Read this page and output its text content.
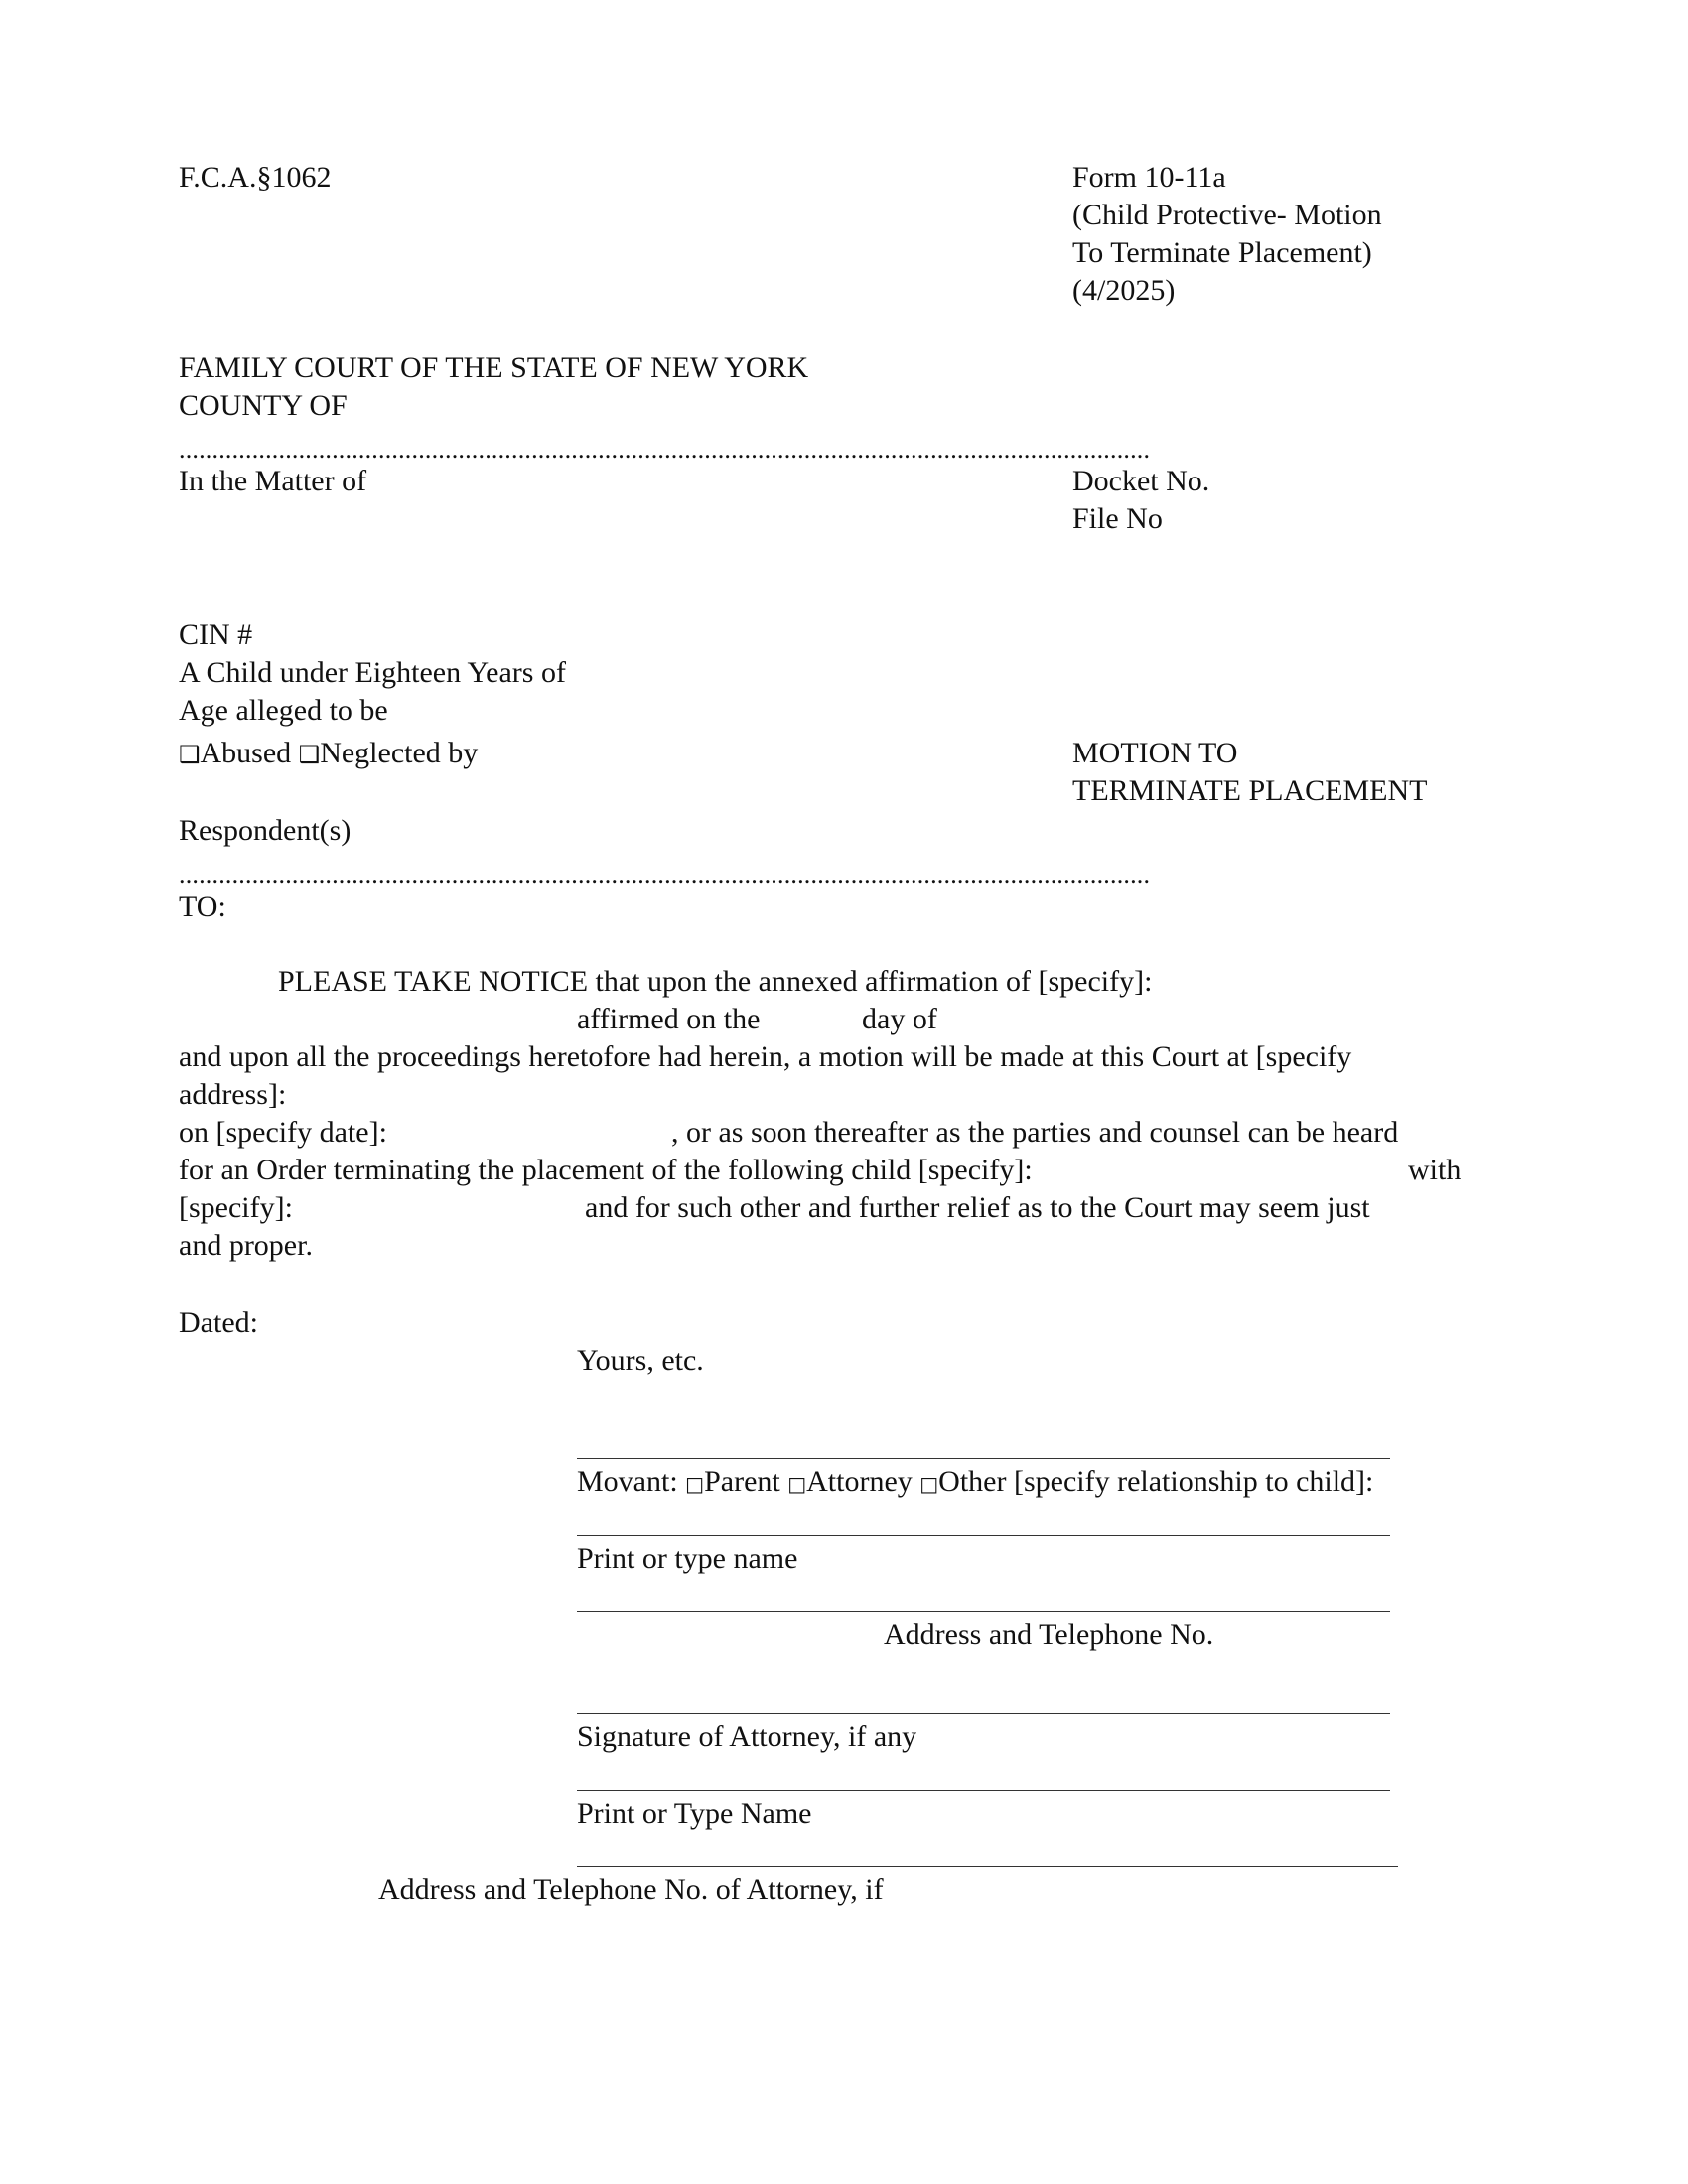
F.C.A.§1062	Form 10-11a
(Child Protective- Motion
To Terminate Placement)
(4/2025)
FAMILY COURT OF THE STATE OF NEW YORK
COUNTY OF
..................................................................................................................................................
In the Matter of	Docket No.
File No
CIN #
A Child under Eighteen Years of
Age alleged to be
❑Abused ❑Neglected by	MOTION TO
TERMINATE PLACEMENT
Respondent(s)
..................................................................................................................................................
TO:
PLEASE TAKE NOTICE that upon the annexed affirmation of [specify]:
affirmed on the	day of
and upon all the proceedings heretofore had herein, a motion will be made at this Court at [specify
address]:
on [specify date]:	, or as soon thereafter as the parties and counsel can be heard
for an Order terminating the placement of the following child [specify]:	with
[specify]:	and for such other and further relief as to the Court may seem just
and proper.
Dated:
Yours, etc.
Movant: □Parent □Attorney □Other [specify relationship to child]:
Print or type name
Address and Telephone No.
Signature of Attorney, if any
Print or Type Name
Address and Telephone No. of Attorney, if
